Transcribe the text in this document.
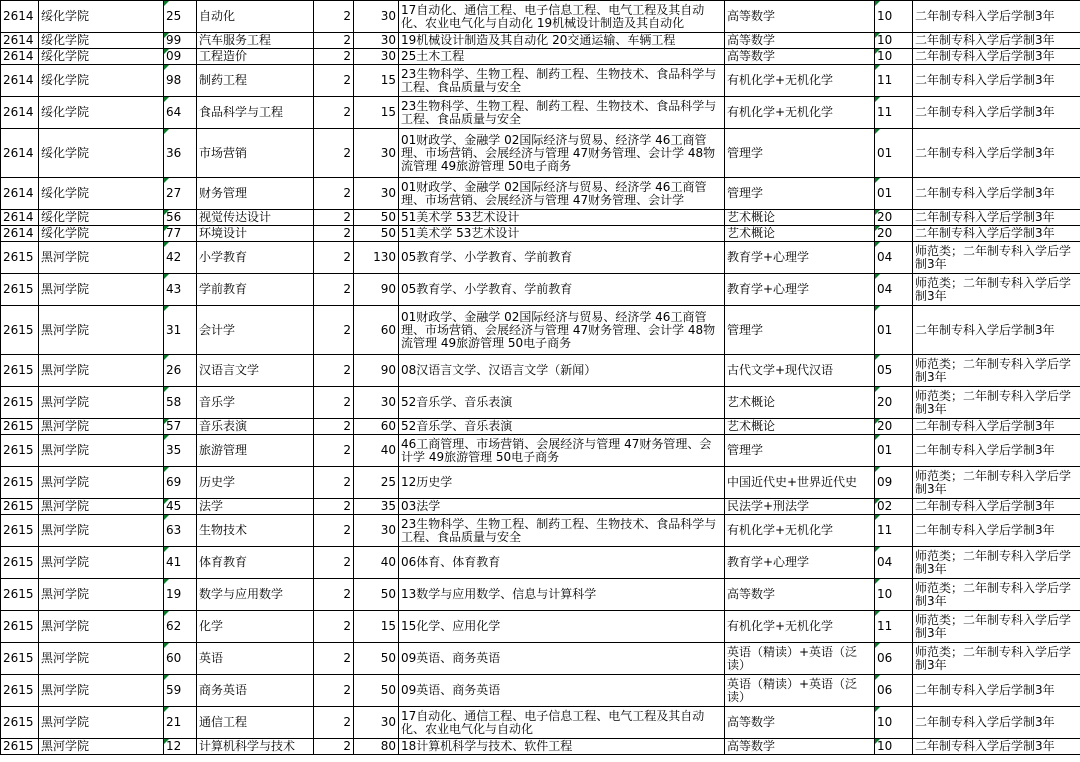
2614	绥化学院	25	自动化	2	30	17自动化、通信工程、电子信息工程、电气工程及其自动化、农业电气化与自动化 19机械设计制造及其自动化	高等数学	10	二年制专科入学后学制3年
2614	绥化学院	99	汽车服务工程	2	30	19机械设计制造及其自动化 20交通运输、车辆工程	高等数学	10	二年制专科入学后学制3年
2614	绥化学院	09	工程造价	2	30	25土木工程	高等数学	10	二年制专科入学后学制3年
2614	绥化学院	98	制药工程	2	15	23生物科学、生物工程、制药工程、生物技术、食品科学与工程、食品质量与安全	有机化学+无机化学	11	二年制专科入学后学制3年
2614	绥化学院	64	食品科学与工程	2	15	23生物科学、生物工程、制药工程、生物技术、食品科学与工程、食品质量与安全	有机化学+无机化学	11	二年制专科入学后学制3年
2614	绥化学院	36	市场营销	2	30	01财政学、金融学 02国际经济与贸易、经济学 46工商管理、市场营销、会展经济与管理 47财务管理、会计学 48物流管理 49旅游管理 50电子商务	管理学	01	二年制专科入学后学制3年
2614	绥化学院	27	财务管理	2	30	01财政学、金融学 02国际经济与贸易、经济学 46工商管理、市场营销、会展经济与管理 47财务管理、会计学	管理学	01	二年制专科入学后学制3年
2614	绥化学院	56	视觉传达设计	2	50	51美术学 53艺术设计	艺术概论	20	二年制专科入学后学制3年
2614	绥化学院	77	环境设计	2	50	51美术学 53艺术设计	艺术概论	20	二年制专科入学后学制3年
2615	黑河学院	42	小学教育	2	130	05教育学、小学教育、学前教育	教育学+心理学	04	师范类；二年制专科入学后学制3年
2615	黑河学院	43	学前教育	2	90	05教育学、小学教育、学前教育	教育学+心理学	04	师范类；二年制专科入学后学制3年
2615	黑河学院	31	会计学	2	60	01财政学、金融学 02国际经济与贸易、经济学 46工商管理、市场营销、会展经济与管理 47财务管理、会计学 48物流管理 49旅游管理 50电子商务	管理学	01	二年制专科入学后学制3年
2615	黑河学院	26	汉语言文学	2	90	08汉语言文学、汉语言文学（新闻）	古代文学+现代汉语	05	师范类；二年制专科入学后学制3年
2615	黑河学院	58	音乐学	2	30	52音乐学、音乐表演	艺术概论	20	师范类；二年制专科入学后学制3年
2615	黑河学院	57	音乐表演	2	60	52音乐学、音乐表演	艺术概论	20	二年制专科入学后学制3年
2615	黑河学院	35	旅游管理	2	40	46工商管理、市场营销、会展经济与管理 47财务管理、会计学 49旅游管理 50电子商务	管理学	01	二年制专科入学后学制3年
2615	黑河学院	69	历史学	2	25	12历史学	中国近代史+世界近代史	09	师范类；二年制专科入学后学制3年
2615	黑河学院	45	法学	2	35	03法学	民法学+刑法学	02	二年制专科入学后学制3年
2615	黑河学院	63	生物技术	2	30	23生物科学、生物工程、制药工程、生物技术、食品科学与工程、食品质量与安全	有机化学+无机化学	11	二年制专科入学后学制3年
2615	黑河学院	41	体育教育	2	40	06体育、体育教育	教育学+心理学	04	师范类；二年制专科入学后学制3年
2615	黑河学院	19	数学与应用数学	2	50	13数学与应用数学、信息与计算科学	高等数学	10	师范类；二年制专科入学后学制3年
2615	黑河学院	62	化学	2	15	15化学、应用化学	有机化学+无机化学	11	师范类；二年制专科入学后学制3年
2615	黑河学院	60	英语	2	50	09英语、商务英语	英语（精读）+英语（泛读）	06	师范类；二年制专科入学后学制3年
2615	黑河学院	59	商务英语	2	50	09英语、商务英语	英语（精读）+英语（泛读）	06	二年制专科入学后学制3年
2615	黑河学院	21	通信工程	2	30	17自动化、通信工程、电子信息工程、电气工程及其自动化、农业电气化与自动化	高等数学	10	二年制专科入学后学制3年
2615	黑河学院	12	计算机科学与技术	2	80	18计算机科学与技术、软件工程	高等数学	10	二年制专科入学后学制3年
